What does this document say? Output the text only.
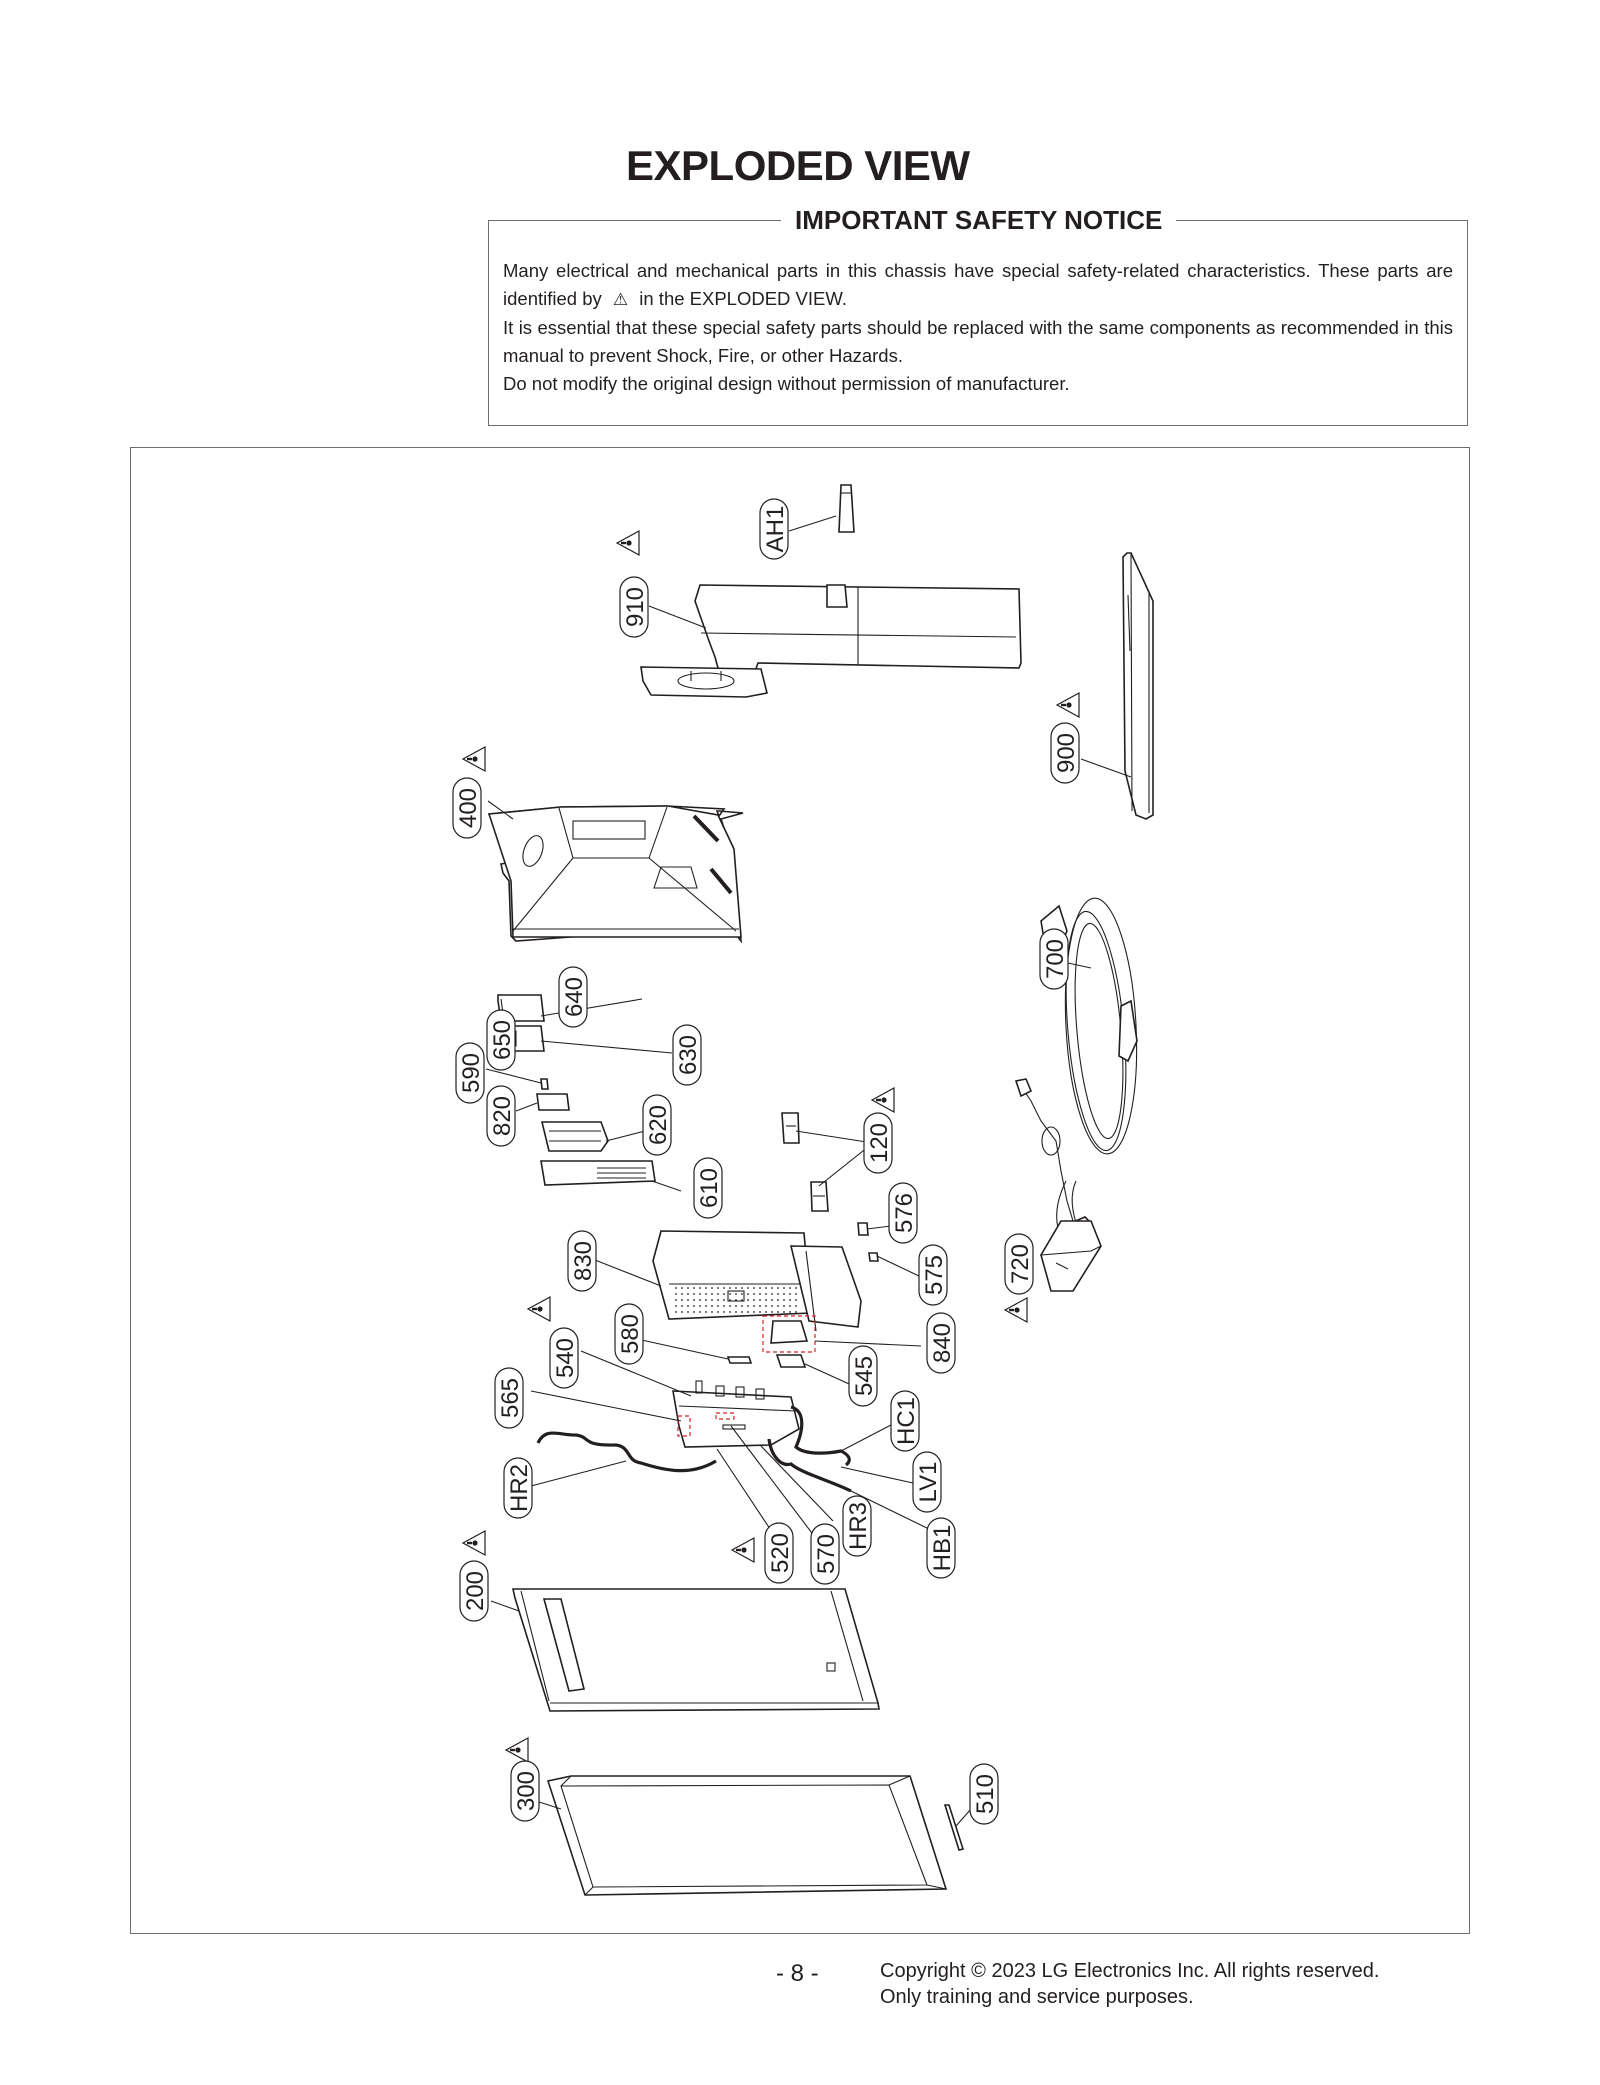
EXPLODED VIEW
IMPORTANT SAFETY NOTICE

Many electrical and mechanical parts in this chassis have special safety-related characteristics. These parts are identified by ⚠ in the EXPLODED VIEW.

It is essential that these special safety parts should be replaced with the same components as recommended in this manual to prevent Shock, Fire, or other Hazards.

Do not modify the original design without permission of manufacturer.

AH1
910
900
400
700
640
650	630
590
820	620
610
120
576
575 720
830
580	840
545
540
565	HC1
LV1
HR2
HR3 HB1
520 570
200
300	510
- 8 -	Copyright © 2023 LG Electronics Inc. All rights reserved.
Only training and service purposes.
